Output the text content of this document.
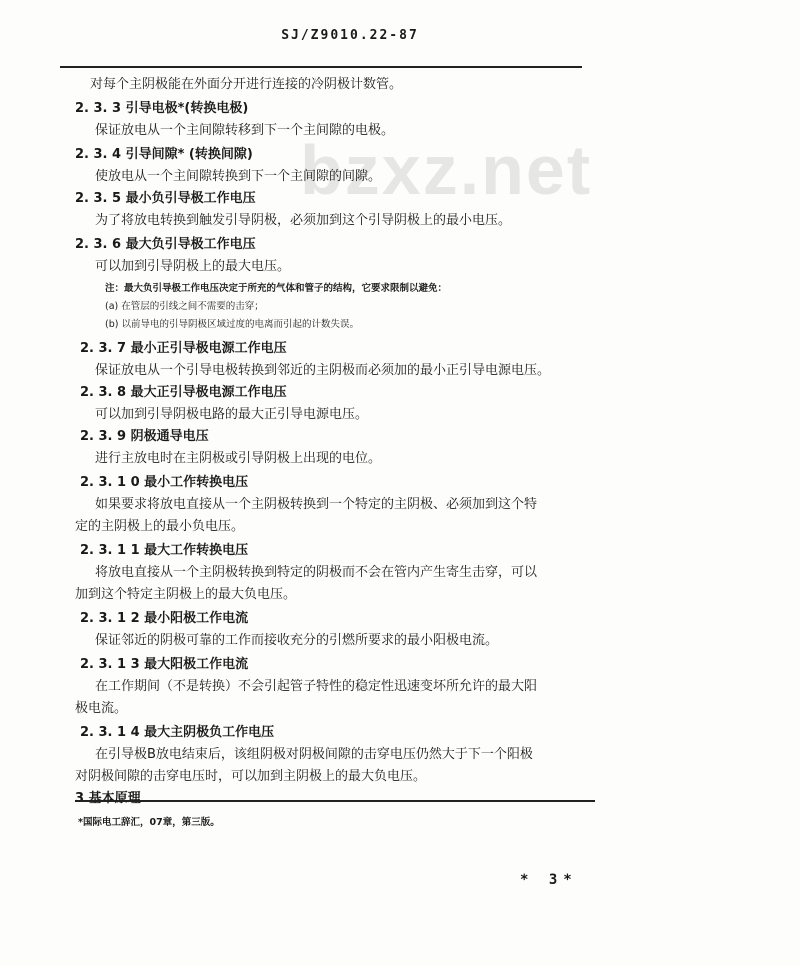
SJ/Z9010.22-87
bzxz.net
对每个主阴极能在外面分开进行连接的冷阴极计数管。
2. 3. 3 引导电极*(转换电极)
保证放电从一个主间隙转移到下一个主间隙的电极。
2. 3. 4 引导间隙* (转换间隙)
使放电从一个主间隙转换到下一个主间隙的间隙。
2. 3. 5 最小负引导极工作电压
为了将放电转换到触发引导阴极，必须加到这个引导阴极上的最小电压。
2. 3. 6 最大负引导极工作电压
可以加到引导阴极上的最大电压。
注：最大负引导极工作电压决定于所充的气体和管子的结构，它要求限制以避免：
(a) 在管层的引线之间不需要的击穿；
(b) 以前导电的引导阴极区域过度的电离而引起的计数失误。
2. 3. 7 最小正引导极电源工作电压
保证放电从一个引导电极转换到邻近的主阴极而必须加的最小正引导电源电压。
2. 3. 8 最大正引导极电源工作电压
可以加到引导阴极电路的最大正引导电源电压。
2. 3. 9 阴极通导电压
进行主放电时在主阴极或引导阴极上出现的电位。
2. 3. 1 0 最小工作转换电压
如果要求将放电直接从一个主阴极转换到一个特定的主阴极、必须加到这个特
定的主阴极上的最小负电压。
2. 3. 1 1 最大工作转换电压
将放电直接从一个主阴极转换到特定的阴极而不会在管内产生寄生击穿，可以
加到这个特定主阴极上的最大负电压。
2. 3. 1 2 最小阳极工作电流
保证邻近的阴极可靠的工作而接收充分的引燃所要求的最小阳极电流。
2. 3. 1 3 最大阳极工作电流
在工作期间（不是转换）不会引起管子特性的稳定性迅速变坏所允许的最大阳
极电流。
2. 3. 1 4 最大主阴极负工作电压
在引导极B放电结束后，该组阴极对阴极间隙的击穿电压仍然大于下一个阳极
对阴极间隙的击穿电压时，可以加到主阴极上的最大负电压。
3 基本原理
*国际电工辞汇，07章，第三版。
* 3*
